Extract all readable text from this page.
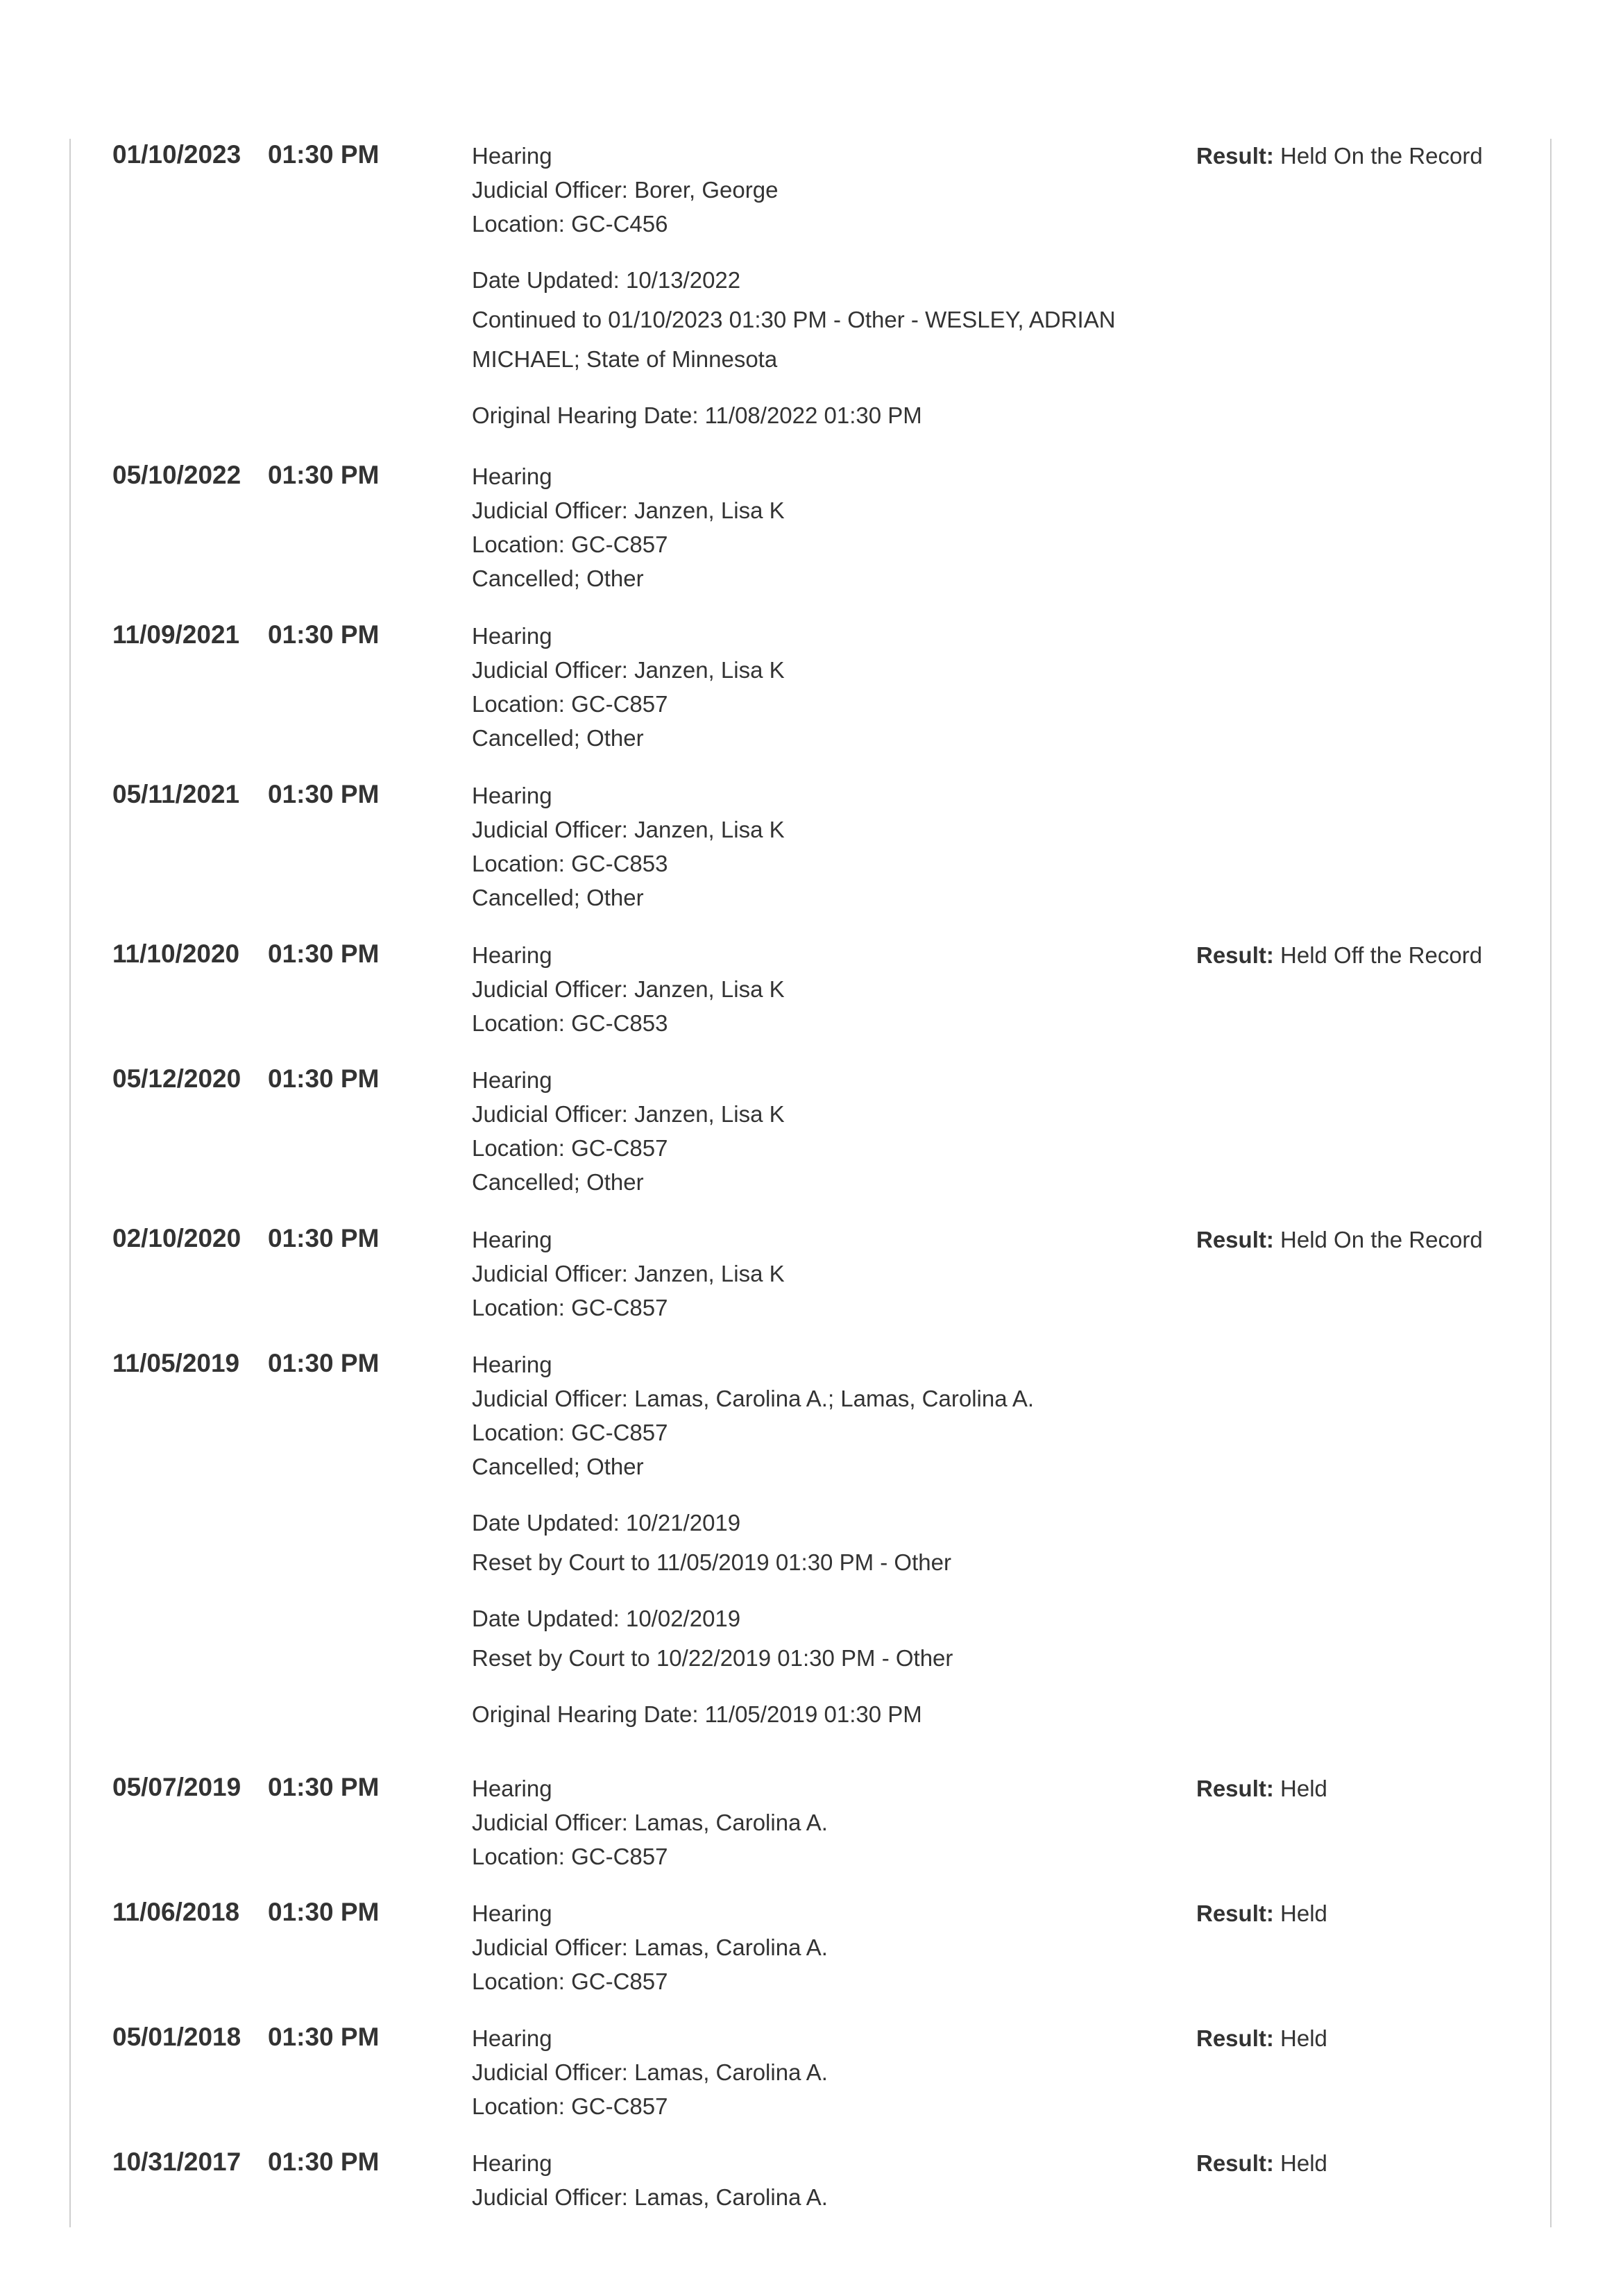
01/10/2023 01:30 PM	Hearing
Judicial Officer: Borer, George
Location: GC-C456
Date Updated: 10/13/2022
Continued to 01/10/2023 01:30 PM - Other - WESLEY, ADRIAN
MICHAEL; State of Minnesota
Original Hearing Date: 11/08/2022 01:30 PM
Result: Held On the Record
05/10/2022 01:30 PM	Hearing
Judicial Officer: Janzen, Lisa K
Location: GC-C857
Cancelled; Other
11/09/2021 01:30 PM	Hearing
Judicial Officer: Janzen, Lisa K
Location: GC-C857
Cancelled; Other
05/11/2021 01:30 PM	Hearing
Judicial Officer: Janzen, Lisa K
Location: GC-C853
Cancelled; Other
11/10/2020 01:30 PM	Hearing
Judicial Officer: Janzen, Lisa K
Location: GC-C853
Result: Held Off the Record
05/12/2020 01:30 PM	Hearing
Judicial Officer: Janzen, Lisa K
Location: GC-C857
Cancelled; Other
02/10/2020 01:30 PM	Hearing
Judicial Officer: Janzen, Lisa K
Location: GC-C857
Result: Held On the Record
11/05/2019 01:30 PM	Hearing
Judicial Officer: Lamas, Carolina A.; Lamas, Carolina A.
Location: GC-C857
Cancelled; Other
Date Updated: 10/21/2019
Reset by Court to 11/05/2019 01:30 PM - Other
Date Updated: 10/02/2019
Reset by Court to 10/22/2019 01:30 PM - Other
Original Hearing Date: 11/05/2019 01:30 PM
05/07/2019 01:30 PM	Hearing
Judicial Officer: Lamas, Carolina A.
Location: GC-C857
Result: Held
11/06/2018 01:30 PM	Hearing
Judicial Officer: Lamas, Carolina A.
Location: GC-C857
Result: Held
05/01/2018 01:30 PM	Hearing
Judicial Officer: Lamas, Carolina A.
Location: GC-C857
Result: Held
10/31/2017 01:30 PM	Hearing
Judicial Officer: Lamas, Carolina A.
Result: Held
